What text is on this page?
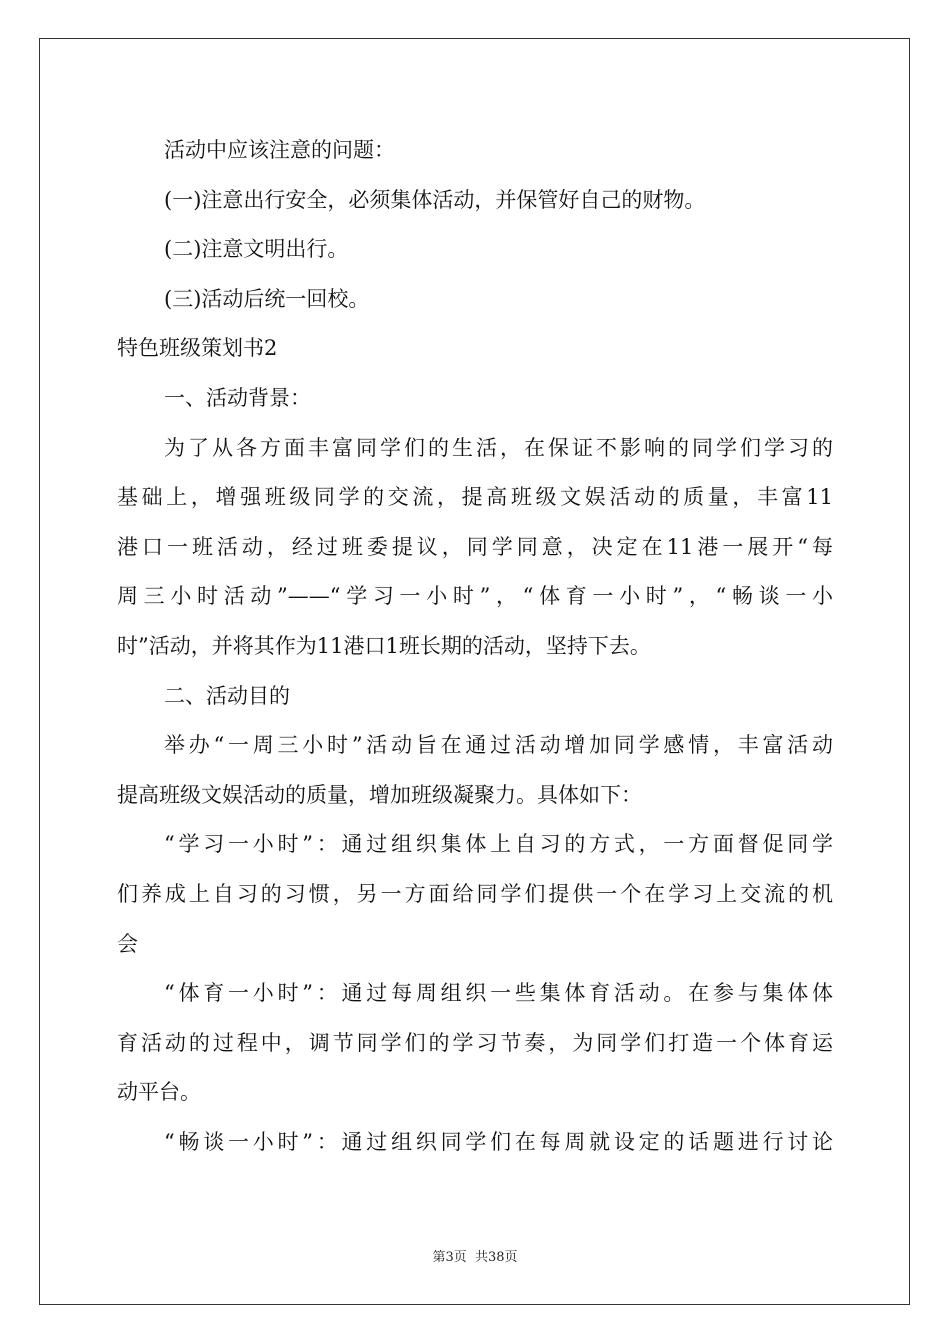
活动中应该注意的问题：
(一)注意出行安全，必须集体活动，并保管好自己的财物。
(二)注意文明出行。
(三)活动后统一回校。
特色班级策划书2
一、活动背景：
为了从各方面丰富同学们的生活，在保证不影响的同学们学习的
基础上，增强班级同学的交流，提高班级文娱活动的质量，丰富11
港口一班活动，经过班委提议，同学同意，决定在11港一展开“每
周三小时活动”——“学习一小时”，“体育一小时”，“畅谈一小
时”活动，并将其作为11港口1班长期的活动，坚持下去。
二、活动目的
举办“一周三小时”活动旨在通过活动增加同学感情，丰富活动
提高班级文娱活动的质量，增加班级凝聚力。具体如下：
“学习一小时”：通过组织集体上自习的方式，一方面督促同学
们养成上自习的习惯，另一方面给同学们提供一个在学习上交流的机
会
“体育一小时”：通过每周组织一些集体育活动。在参与集体体
育活动的过程中，调节同学们的学习节奏，为同学们打造一个体育运
动平台。
“畅谈一小时”：通过组织同学们在每周就设定的话题进行讨论
第3页 共38页
